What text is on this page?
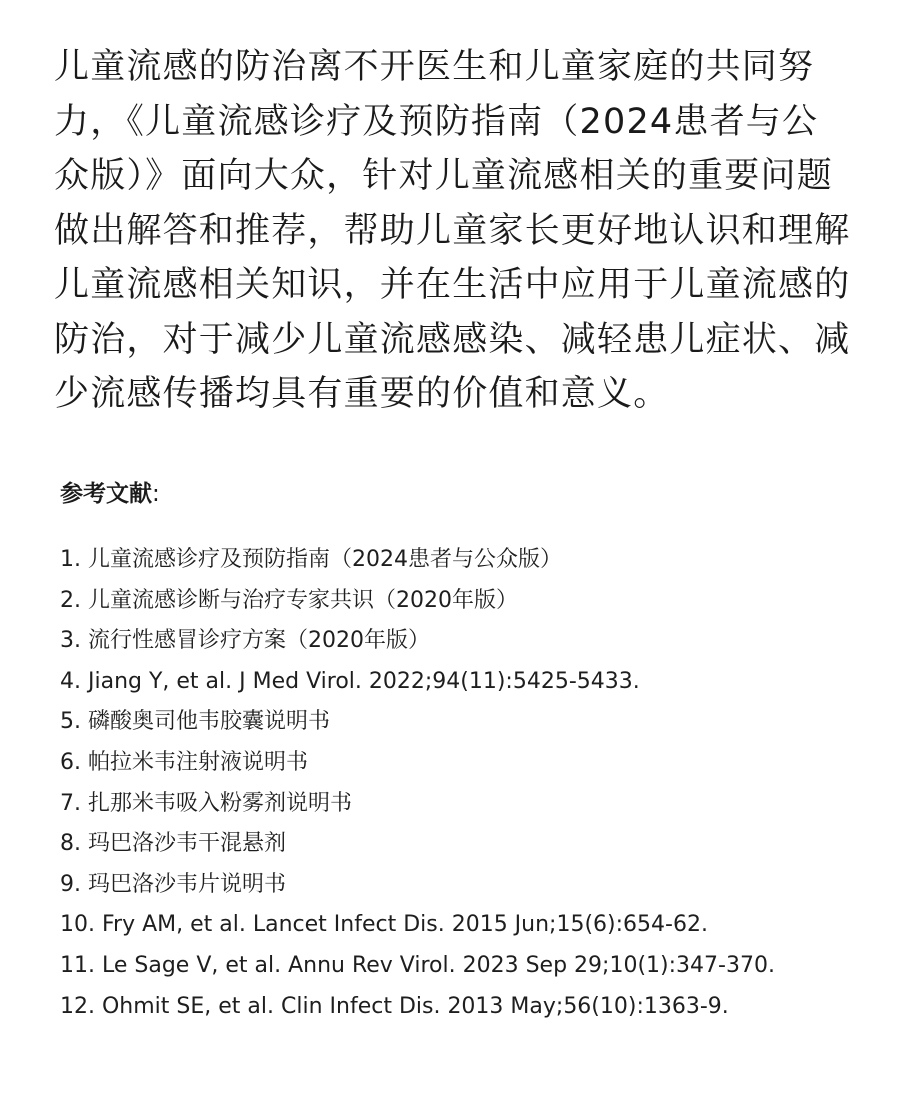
儿童流感的防治离不开医生和儿童家庭的共同努力，《儿童流感诊疗及预防指南（2024患者与公众版）》面向大众，针对儿童流感相关的重要问题做出解答和推荐，帮助儿童家长更好地认识和理解儿童流感相关知识，并在生活中应用于儿童流感的防治，对于减少儿童流感感染、减轻患儿症状、减少流感传播均具有重要的价值和意义。

参考文献:
1. 儿童流感诊疗及预防指南（2024患者与公众版）
2. 儿童流感诊断与治疗专家共识（2020年版）
3. 流行性感冒诊疗方案（2020年版）
4. Jiang Y, et al. J Med Virol. 2022;94(11):5425-5433.
5. 磷酸奥司他韦胶囊说明书
6. 帕拉米韦注射液说明书
7. 扎那米韦吸入粉雾剂说明书
8. 玛巴洛沙韦干混悬剂
9. 玛巴洛沙韦片说明书
10. Fry AM, et al. Lancet Infect Dis. 2015 Jun;15(6):654-62.
11. Le Sage V, et al. Annu Rev Virol. 2023 Sep 29;10(1):347-370.
12. Ohmit SE, et al. Clin Infect Dis. 2013 May;56(10):1363-9.
